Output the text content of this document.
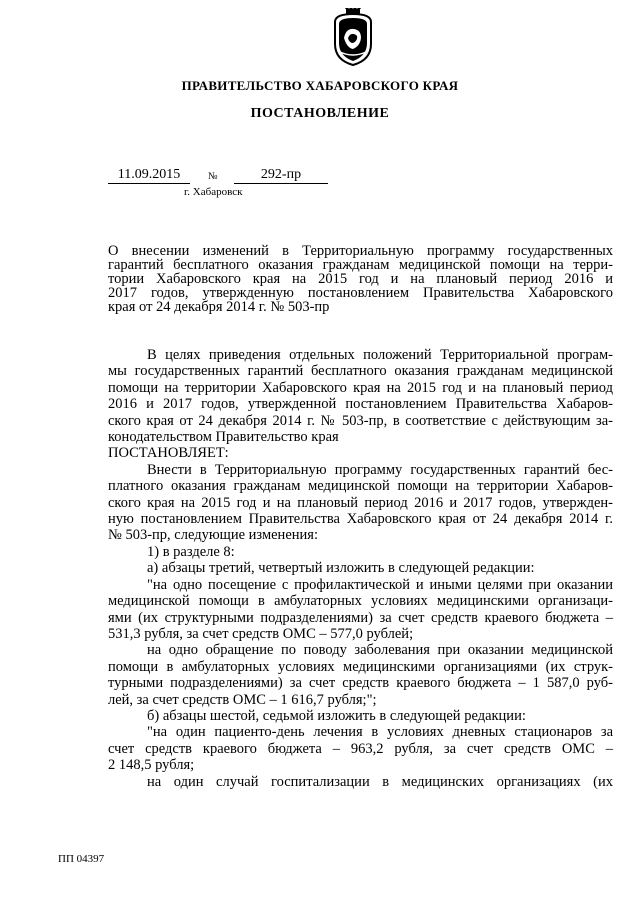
ПРАВИТЕЛЬСТВО ХАБАРОВСКОГО КРАЯ
ПОСТАНОВЛЕНИЕ
11.09.2015	№	292-пр
г. Хабаровск
О внесении изменений в Территориальную программу государственных
гарантий бесплатного оказания гражданам медицинской помощи на терри-
тории Хабаровского края на 2015 год и на плановый период 2016 и
2017 годов, утвержденную постановлением Правительства Хабаровского
края от 24 декабря 2014 г. № 503-пр
В целях приведения отдельных положений Территориальной програм-
мы государственных гарантий бесплатного оказания гражданам медицинской
помощи на территории Хабаровского края на 2015 год и на плановый период
2016 и 2017 годов, утвержденной постановлением Правительства Хабаров-
ского края от 24 декабря 2014 г. № 503-пр, в соответствие с действующим за-
конодательством Правительство края
ПОСТАНОВЛЯЕТ:
Внести в Территориальную программу государственных гарантий бес-
платного оказания гражданам медицинской помощи на территории Хабаров-
ского края на 2015 год и на плановый период 2016 и 2017 годов, утвержден-
ную постановлением Правительства Хабаровского края от 24 декабря 2014 г.
№ 503-пр, следующие изменения:
1) в разделе 8:
а) абзацы третий, четвертый изложить в следующей редакции:
"на одно посещение с профилактической и иными целями при оказании
медицинской помощи в амбулаторных условиях медицинскими организаци-
ями (их структурными подразделениями) за счет средств краевого бюджета –
531,3 рубля, за счет средств ОМС – 577,0 рублей;
на одно обращение по поводу заболевания при оказании медицинской
помощи в амбулаторных условиях медицинскими организациями (их струк-
турными подразделениями) за счет средств краевого бюджета – 1 587,0 руб-
лей, за счет средств ОМС – 1 616,7 рубля;";
б) абзацы шестой, седьмой изложить в следующей редакции:
"на один пациенто-день лечения в условиях дневных стационаров за
счет средств краевого бюджета – 963,2 рубля, за счет средств ОМС –
2 148,5 рубля;
на один случай госпитализации в медицинских организациях (их
ПП 04397
